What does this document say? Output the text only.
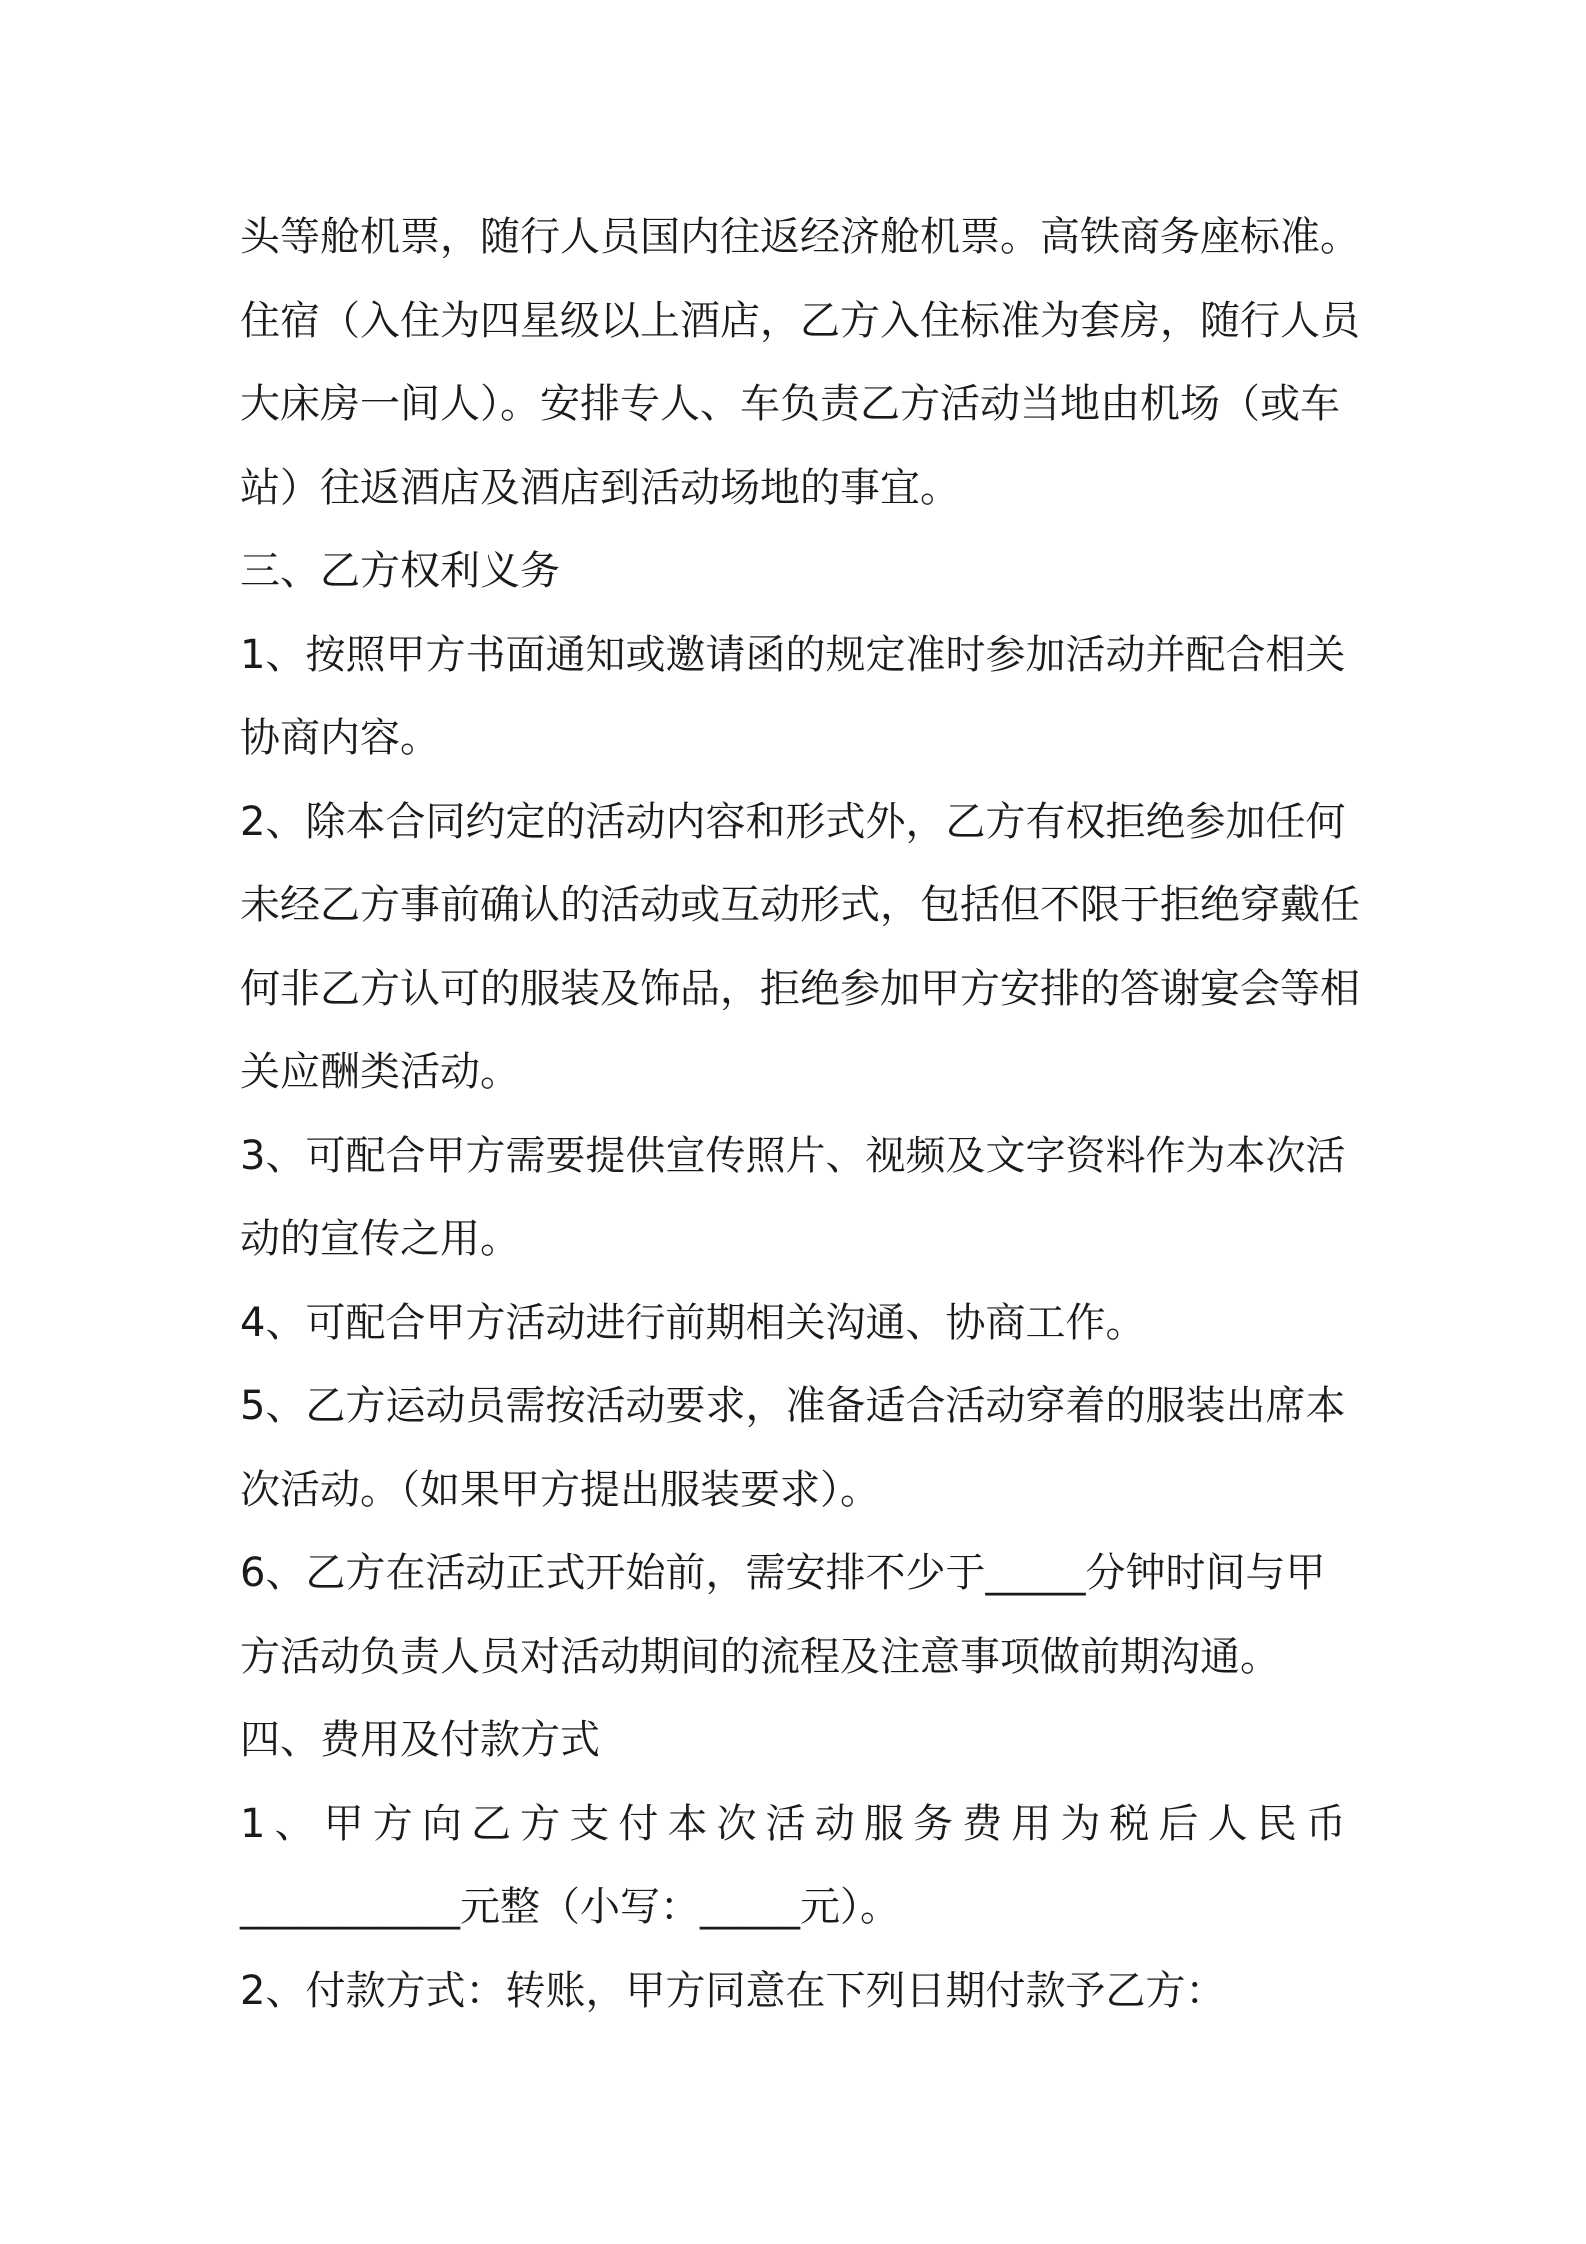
头等舱机票，随行人员国内往返经济舱机票。高铁商务座标准。
住宿（入住为四星级以上酒店，乙方入住标准为套房，随行人员
大床房一间人）。安排专人、车负责乙方活动当地由机场（或车
站）往返酒店及酒店到活动场地的事宜。
三、乙方权利义务
1、按照甲方书面通知或邀请函的规定准时参加活动并配合相关
协商内容。
2、除本合同约定的活动内容和形式外，乙方有权拒绝参加任何
未经乙方事前确认的活动或互动形式，包括但不限于拒绝穿戴任
何非乙方认可的服装及饰品，拒绝参加甲方安排的答谢宴会等相
关应酬类活动。
3、可配合甲方需要提供宣传照片、视频及文字资料作为本次活
动的宣传之用。
4、可配合甲方活动进行前期相关沟通、协商工作。
5、乙方运动员需按活动要求，准备适合活动穿着的服装出席本
次活动。（如果甲方提出服装要求）。
6、乙方在活动正式开始前，需安排不少于_____分钟时间与甲
方活动负责人员对活动期间的流程及注意事项做前期沟通。
四、费用及付款方式
1 、 甲 方 向 乙 方 支 付 本 次 活 动 服 务 费 用 为 税 后 人 民 币
___________元整（小写：_____元）。
2、付款方式：转账，甲方同意在下列日期付款予乙方：
